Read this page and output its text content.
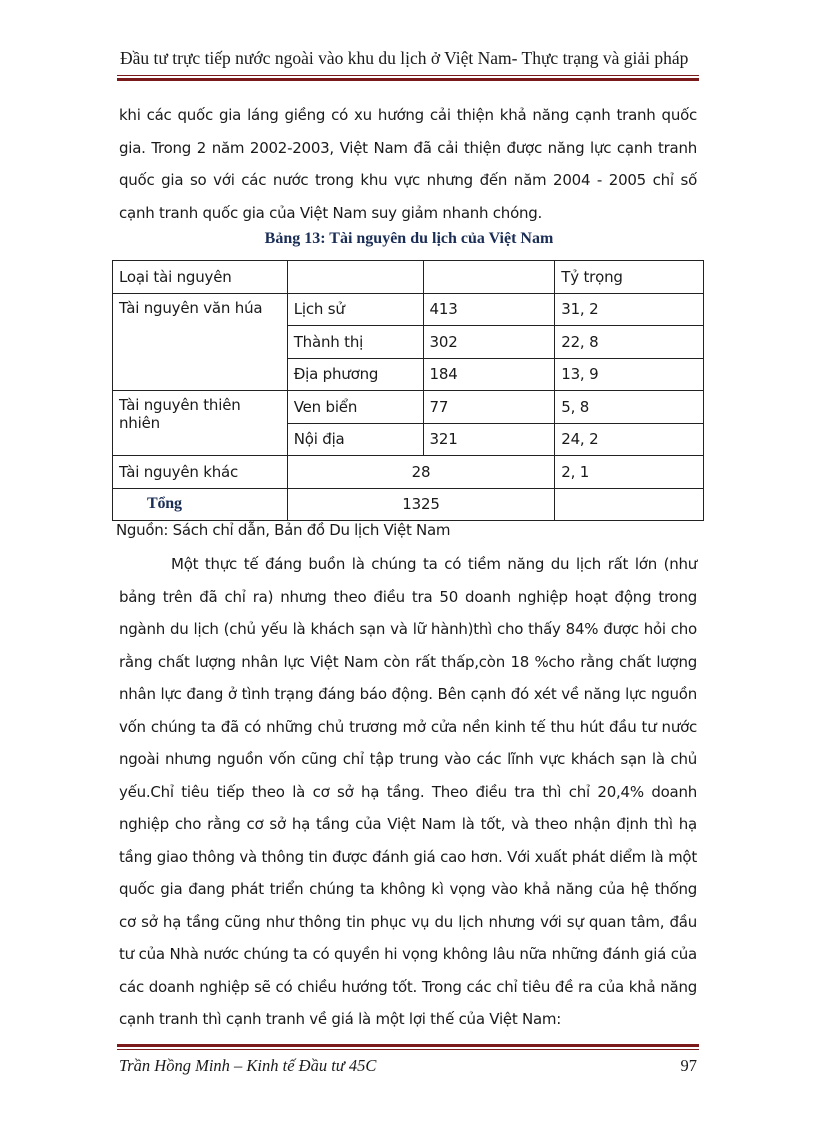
Đầu tư trực tiếp nước ngoài vào khu du lịch ở Việt Nam- Thực trạng và giải pháp

khi các quốc gia láng giềng có xu hướng cải thiện khả năng cạnh tranh quốc gia. Trong 2 năm 2002-2003, Việt Nam đã cải thiện được năng lực cạnh tranh quốc gia so với các nước trong khu vực nhưng đến năm 2004 - 2005 chỉ số cạnh tranh quốc gia của Việt Nam suy giảm nhanh chóng.

Bảng 13: Tài nguyên du lịch của Việt Nam
Loại tài nguyên			Tỷ trọng
Tài nguyên văn húa	Lịch sử	413	31, 2
	Thành thị	302	22, 8
	Địa phương	184	13, 9
Tài nguyên thiên nhiên	Ven biển	77	5, 8
	Nội địa	321	24, 2
Tài nguyên khác	28		2, 1
Tổng	1325		
Nguồn: Sách chỉ dẫn, Bản đồ Du lịch Việt Nam

Một thực tế đáng buồn là chúng ta có tiềm năng du lịch rất lớn (như bảng trên đã chỉ ra) nhưng theo điều tra 50 doanh nghiệp hoạt động trong ngành du lịch (chủ yếu là khách sạn và lữ hành)thì cho thấy 84% được hỏi cho rằng chất lượng nhân lực Việt Nam còn rất thấp,còn 18 %cho rằng chất lượng nhân lực đang ở tình trạng đáng báo động. Bên cạnh đó xét về năng lực nguồn vốn chúng ta đã có những chủ trương mở cửa nền kinh tế thu hút đầu tư nước ngoài nhưng nguồn vốn cũng chỉ tập trung vào các lĩnh vực khách sạn là chủ yếu.Chỉ tiêu tiếp theo là cơ sở hạ tầng. Theo điều tra thì chỉ 20,4% doanh nghiệp cho rằng cơ sở hạ tầng của Việt Nam là tốt, và theo nhận định thì hạ tầng giao thông và thông tin được đánh giá cao hơn. Với xuất phát diểm là một quốc gia đang phát triển chúng ta không kì vọng vào khả năng của hệ thống cơ sở hạ tầng cũng như thông tin phục vụ du lịch nhưng với sự quan tâm, đầu tư của Nhà nước chúng ta có quyền hi vọng không lâu nữa những đánh giá của các doanh nghiệp sẽ có chiều hướng tốt. Trong các chỉ tiêu đề ra của khả năng cạnh tranh thì cạnh tranh về giá là một lợi thế của Việt Nam:

Trần Hồng Minh – Kinh tế Đầu tư 45C	97
